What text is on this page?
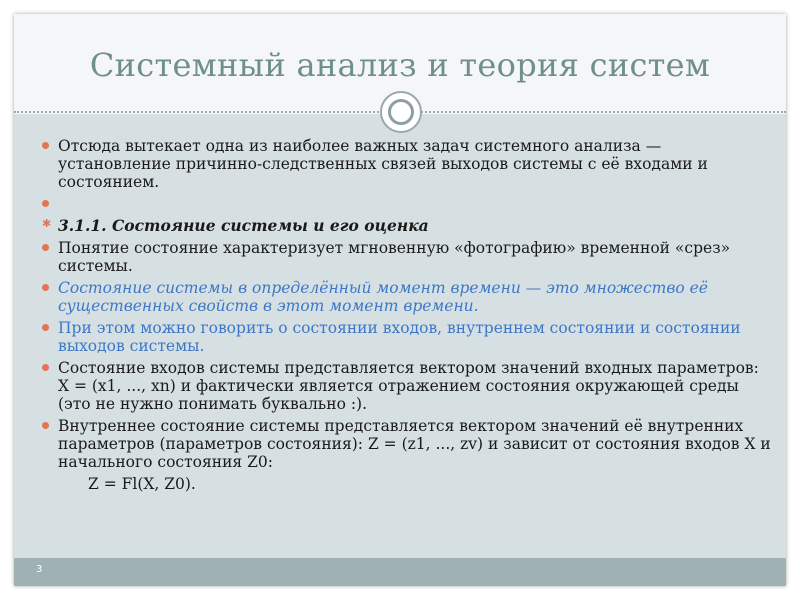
Системный анализ и теория систем
Отсюда вытекает одна из наиболее важных задач системного анализа — установление причинно-следственных связей выходов системы с её входами и состоянием.
✱ 3.1.1. Состояние системы и его оценка
Понятие состояние характеризует мгновенную «фотографию» временной «срез» системы.
Состояние системы в определённый момент времени — это множество её существенных свойств в этот момент времени.
При этом можно говорить о состоянии входов, внутреннем состоянии и состоянии выходов системы.
Состояние входов системы представляется вектором значений входных параметров: X = (x1, ..., xn) и фактически является отражением состояния окружающей среды (это не нужно понимать буквально :).
Внутреннее состояние системы представляется вектором значений её внутренних параметров (параметров состояния): Z = (z1, ..., zv) и зависит от состояния входов X и начального состояния Z0:
Z = Fl(X, Z0).
3
